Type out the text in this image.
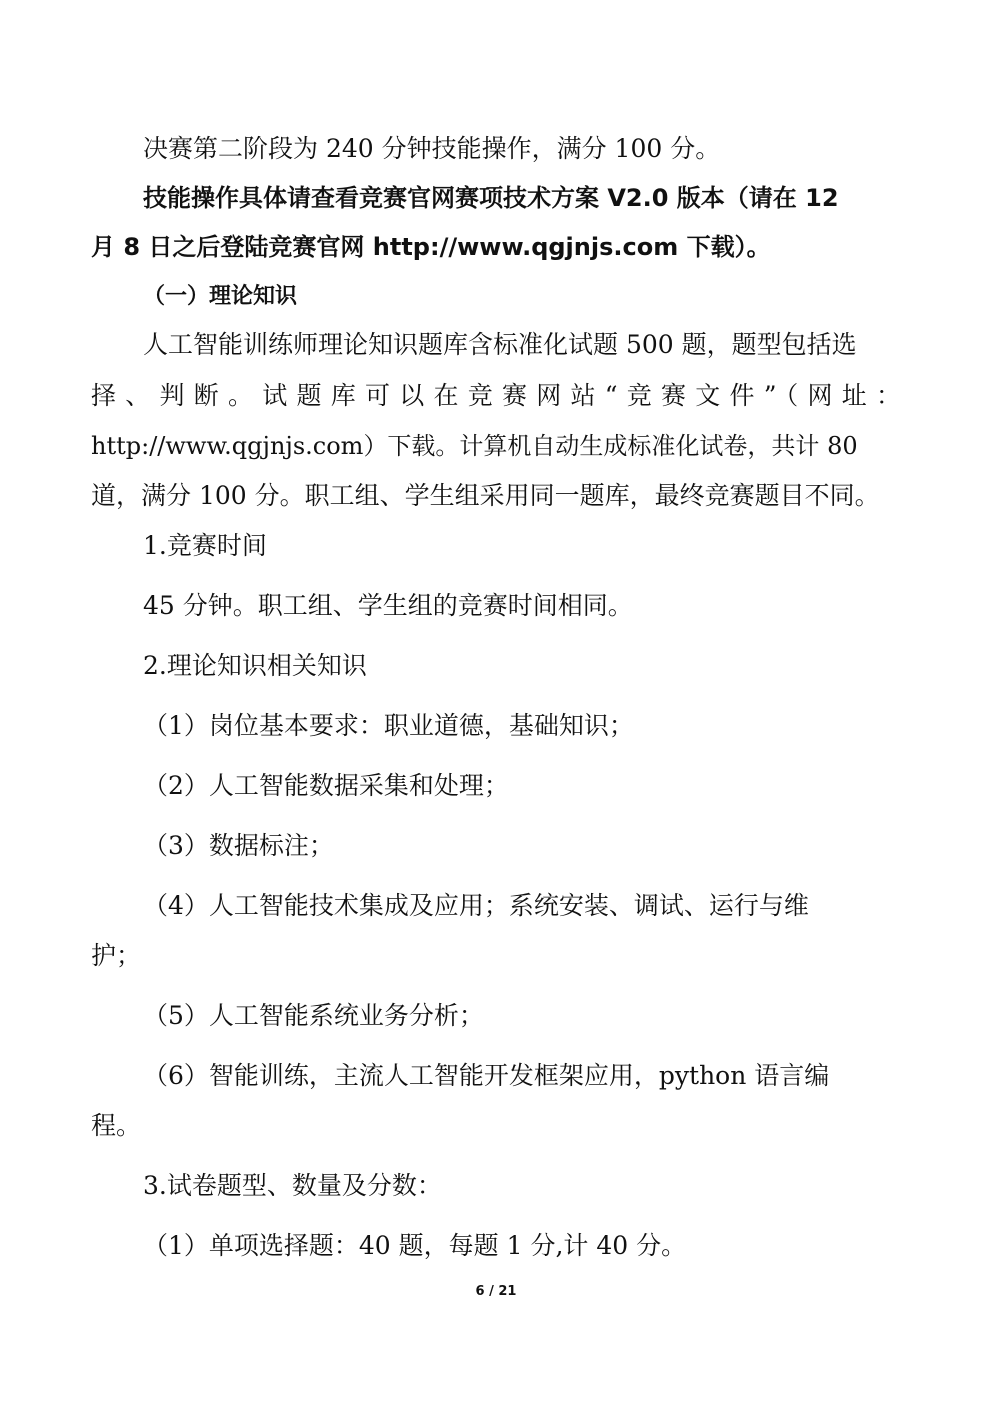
决赛第二阶段为 240 分钟技能操作，满分 100 分。

技能操作具体请查看竞赛官网赛项技术方案 V2.0 版本（请在 12

月 8 日之后登陆竞赛官网 http://www.qgjnjs.com 下载）。

（一）理论知识

人工智能训练师理论知识题库含标准化试题 500 题，题型包括选

择、判断。试题库可以在竞赛网站“竞赛文件”（网址：

http://www.qgjnjs.com）下载。计算机自动生成标准化试卷，共计 80

道，满分 100 分。职工组、学生组采用同一题库，最终竞赛题目不同。

1.竞赛时间

45 分钟。职工组、学生组的竞赛时间相同。

2.理论知识相关知识

（1）岗位基本要求：职业道德，基础知识；

（2）人工智能数据采集和处理；

（3）数据标注；

（4）人工智能技术集成及应用；系统安装、调试、运行与维

护；

（5）人工智能系统业务分析；

（6）智能训练，主流人工智能开发框架应用，python 语言编

程。

3.试卷题型、数量及分数：

（1）单项选择题：40 题，每题 1 分,计 40 分。

6 / 21
